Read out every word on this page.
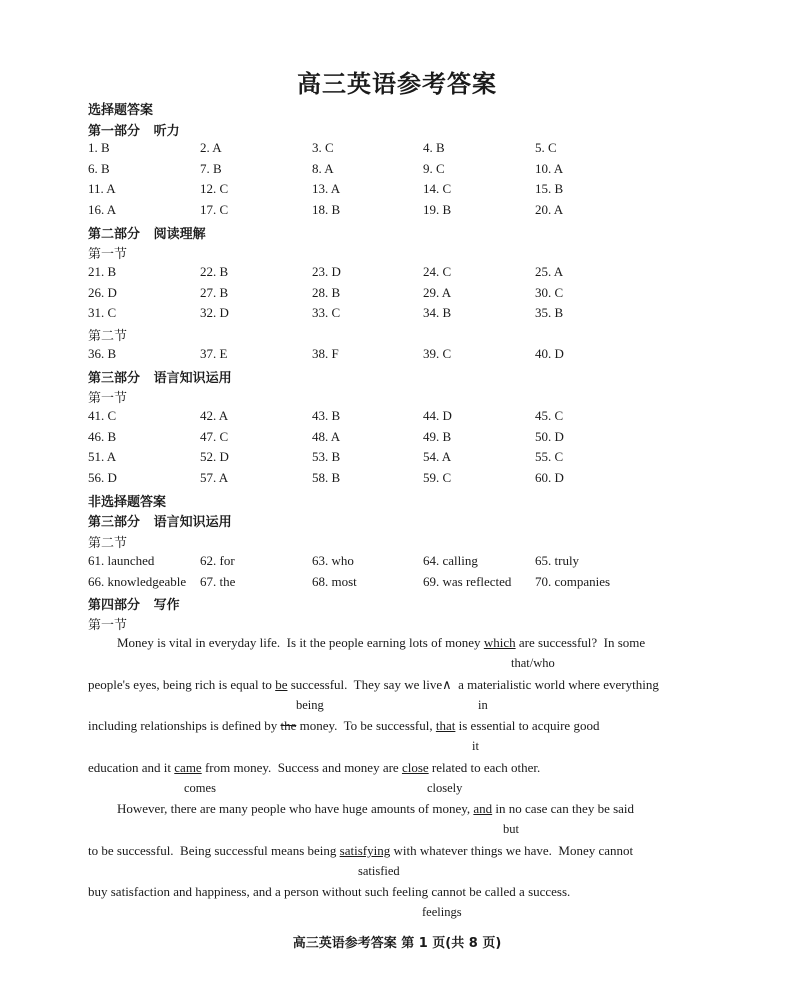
高三英语参考答案
选择题答案
第一部分   听力
1. B	2. A	3. C	4. B	5. C
6. B	7. B	8. A	9. C	10. A
11. A	12. C	13. A	14. C	15. B
16. A	17. C	18. B	19. B	20. A
第二部分   阅读理解
第一节
21. B	22. B	23. D	24. C	25. A
26. D	27. B	28. B	29. A	30. C
31. C	32. D	33. C	34. B	35. B
第二节
36. B	37. E	38. F	39. C	40. D
第三部分   语言知识运用
第一节
41. C	42. A	43. B	44. D	45. C
46. B	47. C	48. A	49. B	50. D
51. A	52. D	53. B	54. A	55. C
56. D	57. A	58. B	59. C	60. D
非选择题答案
第三部分   语言知识运用
第二节
61. launched	62. for	63. who	64. calling	65. truly
66. knowledgeable 67. the	68. most	69. was reflected 70. companies
第四部分   写作
第一节
Money is vital in everyday life.  Is it the people earning lots of money which are successful?  In some
that/who
people's eyes, being rich is equal to be successful.  They say we live∧  a materialistic world where everything
being	in
including relationships is defined by the money.  To be successful, that is essential to acquire good
it
education and it came from money.  Success and money are close related to each other.
comes	closely
However, there are many people who have huge amounts of money, and in no case can they be said
but
to be successful.  Being successful means being satisfying with whatever things we have.  Money cannot
satisfied
buy satisfaction and happiness, and a person without such feeling cannot be called a success.
feelings
高三英语参考答案 第 1 页(共 8 页)
